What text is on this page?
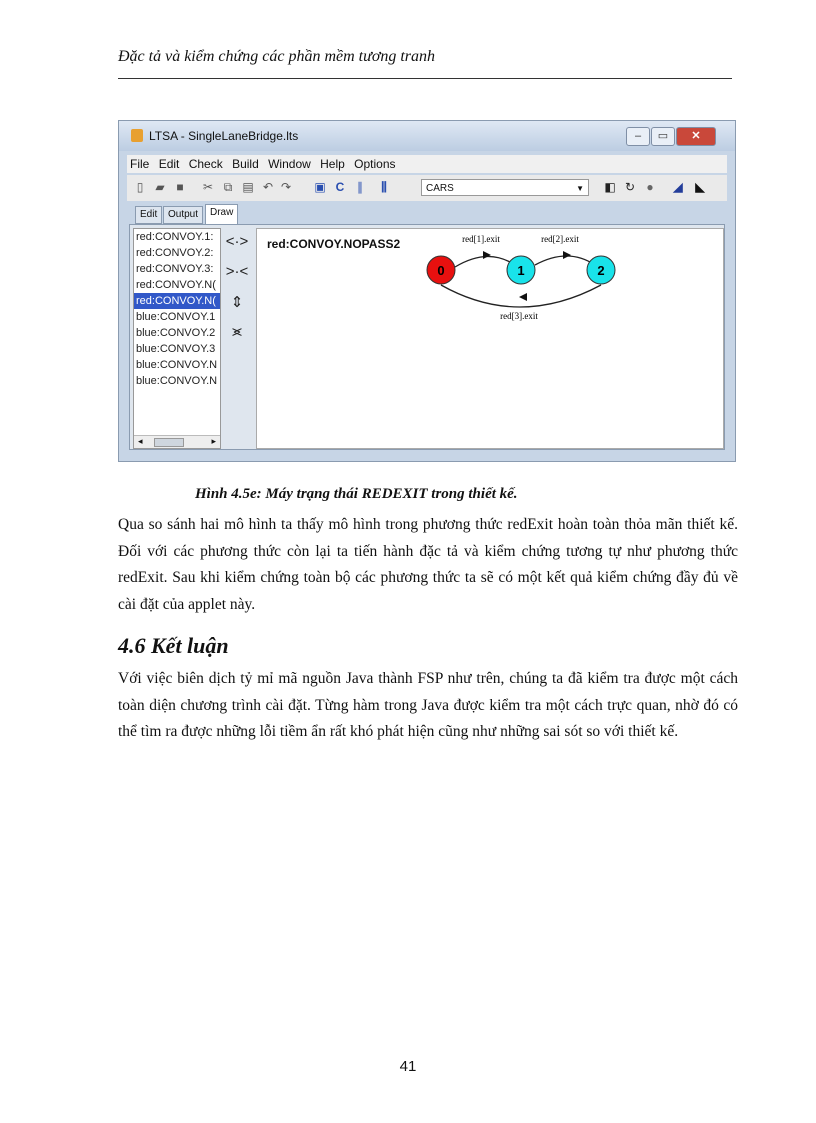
Đặc tả và kiểm chứng các phần mềm tương tranh
LTSA - SingleLaneBridge.lts	–	▭	✕
File Edit Check Build Window Help Options
▯	▰ ■ ✂ ⧉ ▤ ↶ ↷ ▣ C	∥	⫼	CARS	▼ ◧ ↻ ● ◢ ◣
Edit	Output	Draw
red:CONVOY.1:
red:CONVOY.2:
red:CONVOY.3:
red:CONVOY.N(
red:CONVOY.N(
blue:CONVOY.1
blue:CONVOY.2
blue:CONVOY.3
blue:CONVOY.N
blue:CONVOY.N
◂	▸
<·>
>·<
⇕
⪤
red:CONVOY.NOPASS2
0	1	2
red[1].exit	red[2].exit
red[3].exit
Hình 4.5e: Máy trạng thái REDEXIT trong thiết kế.

Qua so sánh hai mô hình ta thấy mô hình trong phương thức redExit hoàn toàn thỏa mãn thiết kế. Đối với các phương thức còn lại ta tiến hành đặc tả và kiểm chứng tương tự như phương thức redExit. Sau khi kiểm chứng toàn bộ các phương thức ta sẽ có một kết quả kiểm chứng đầy đủ về cài đặt của applet này.

4.6 Kết luận

Với việc biên dịch tỷ mỉ mã nguồn Java thành FSP như trên, chúng ta đã kiểm tra được một cách toàn diện chương trình cài đặt. Từng hàm trong Java được kiểm tra một cách trực quan, nhờ đó có thể tìm ra được những lỗi tiềm ẩn rất khó phát hiện cũng như những sai sót so với thiết kế.

41
